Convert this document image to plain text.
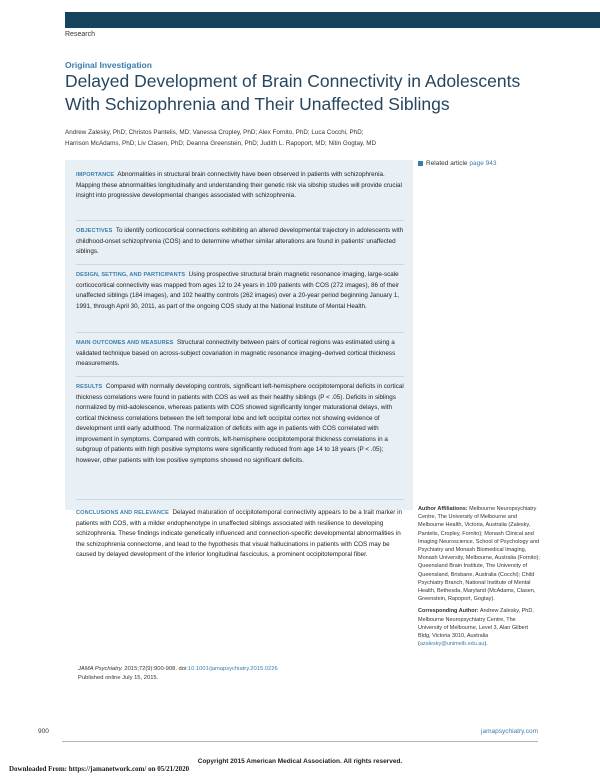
Research
Original Investigation
Delayed Development of Brain Connectivity in Adolescents With Schizophrenia and Their Unaffected Siblings
Andrew Zalesky, PhD; Christos Pantelis, MD; Vanessa Cropley, PhD; Alex Fornito, PhD; Luca Cocchi, PhD;
Harrison McAdams, PhD; Liv Clasen, PhD; Deanna Greenstein, PhD; Judith L. Rapoport, MD; Nitin Gogtay, MD
Related article page 943
IMPORTANCE Abnormalities in structural brain connectivity have been observed in patients with schizophrenia. Mapping these abnormalities longitudinally and understanding their genetic risk via sibship studies will provide crucial insight into progressive developmental changes associated with schizophrenia.
OBJECTIVES To identify corticocortical connections exhibiting an altered developmental trajectory in adolescents with childhood-onset schizophrenia (COS) and to determine whether similar alterations are found in patients' unaffected siblings.
DESIGN, SETTING, AND PARTICIPANTS Using prospective structural brain magnetic resonance imaging, large-scale corticocortical connectivity was mapped from ages 12 to 24 years in 109 patients with COS (272 images), 86 of their unaffected siblings (184 images), and 102 healthy controls (262 images) over a 20-year period beginning January 1, 1991, through April 30, 2011, as part of the ongoing COS study at the National Institute of Mental Health.
MAIN OUTCOMES AND MEASURES Structural connectivity between pairs of cortical regions was estimated using a validated technique based on across-subject covariation in magnetic resonance imaging–derived cortical thickness measurements.
RESULTS Compared with normally developing controls, significant left-hemisphere occipitotemporal deficits in cortical thickness correlations were found in patients with COS as well as their healthy siblings (P < .05). Deficits in siblings normalized by mid-adolescence, whereas patients with COS showed significantly longer maturational delays, with cortical thickness correlations between the left temporal lobe and left occipital cortex not showing evidence of development until early adulthood. The normalization of deficits with age in patients with COS correlated with improvement in symptoms. Compared with controls, left-hemisphere occipitotemporal thickness correlations in a subgroup of patients with high positive symptoms were significantly reduced from age 14 to 18 years (P < .05); however, other patients with low positive symptoms showed no significant deficits.
CONCLUSIONS AND RELEVANCE Delayed maturation of occipitotemporal connectivity appears to be a trait marker in patients with COS, with a milder endophenotype in unaffected siblings associated with resilience to developing schizophrenia. These findings indicate genetically influenced and connection-specific developmental abnormalities in the schizophrenia connectome, and lead to the hypothesis that visual hallucinations in patients with COS may be caused by delayed development of the inferior longitudinal fasciculus, a prominent occipitotemporal fiber.
JAMA Psychiatry. 2015;72(9):900-908. doi:10.1001/jamapsychiatry.2015.0226
Published online July 15, 2015.
Author Affiliations: Melbourne Neuropsychiatry Centre, The University of Melbourne and Melbourne Health, Victoria, Australia (Zalesky, Pantelis, Cropley, Fornito); Monash Clinical and Imaging Neuroscience, School of Psychology and Psychiatry and Monash Biomedical Imaging, Monash University, Melbourne, Australia (Fornito); Queensland Brain Institute, The University of Queensland, Brisbane, Australia (Cocchi); Child Psychiatry Branch, National Institute of Mental Health, Bethesda, Maryland (McAdams, Clasen, Greenstein, Rapoport, Gogtay).
Corresponding Author: Andrew Zalesky, PhD, Melbourne Neuropsychiatry Centre, The University of Melbourne, Level 3, Alan Gilbert Bldg, Victoria 3010, Australia (azalesky@unimelb.edu.au).
900	jamapsychiatry.com
Copyright 2015 American Medical Association. All rights reserved.
Downloaded From: https://jamanetwork.com/ on 05/21/2020
